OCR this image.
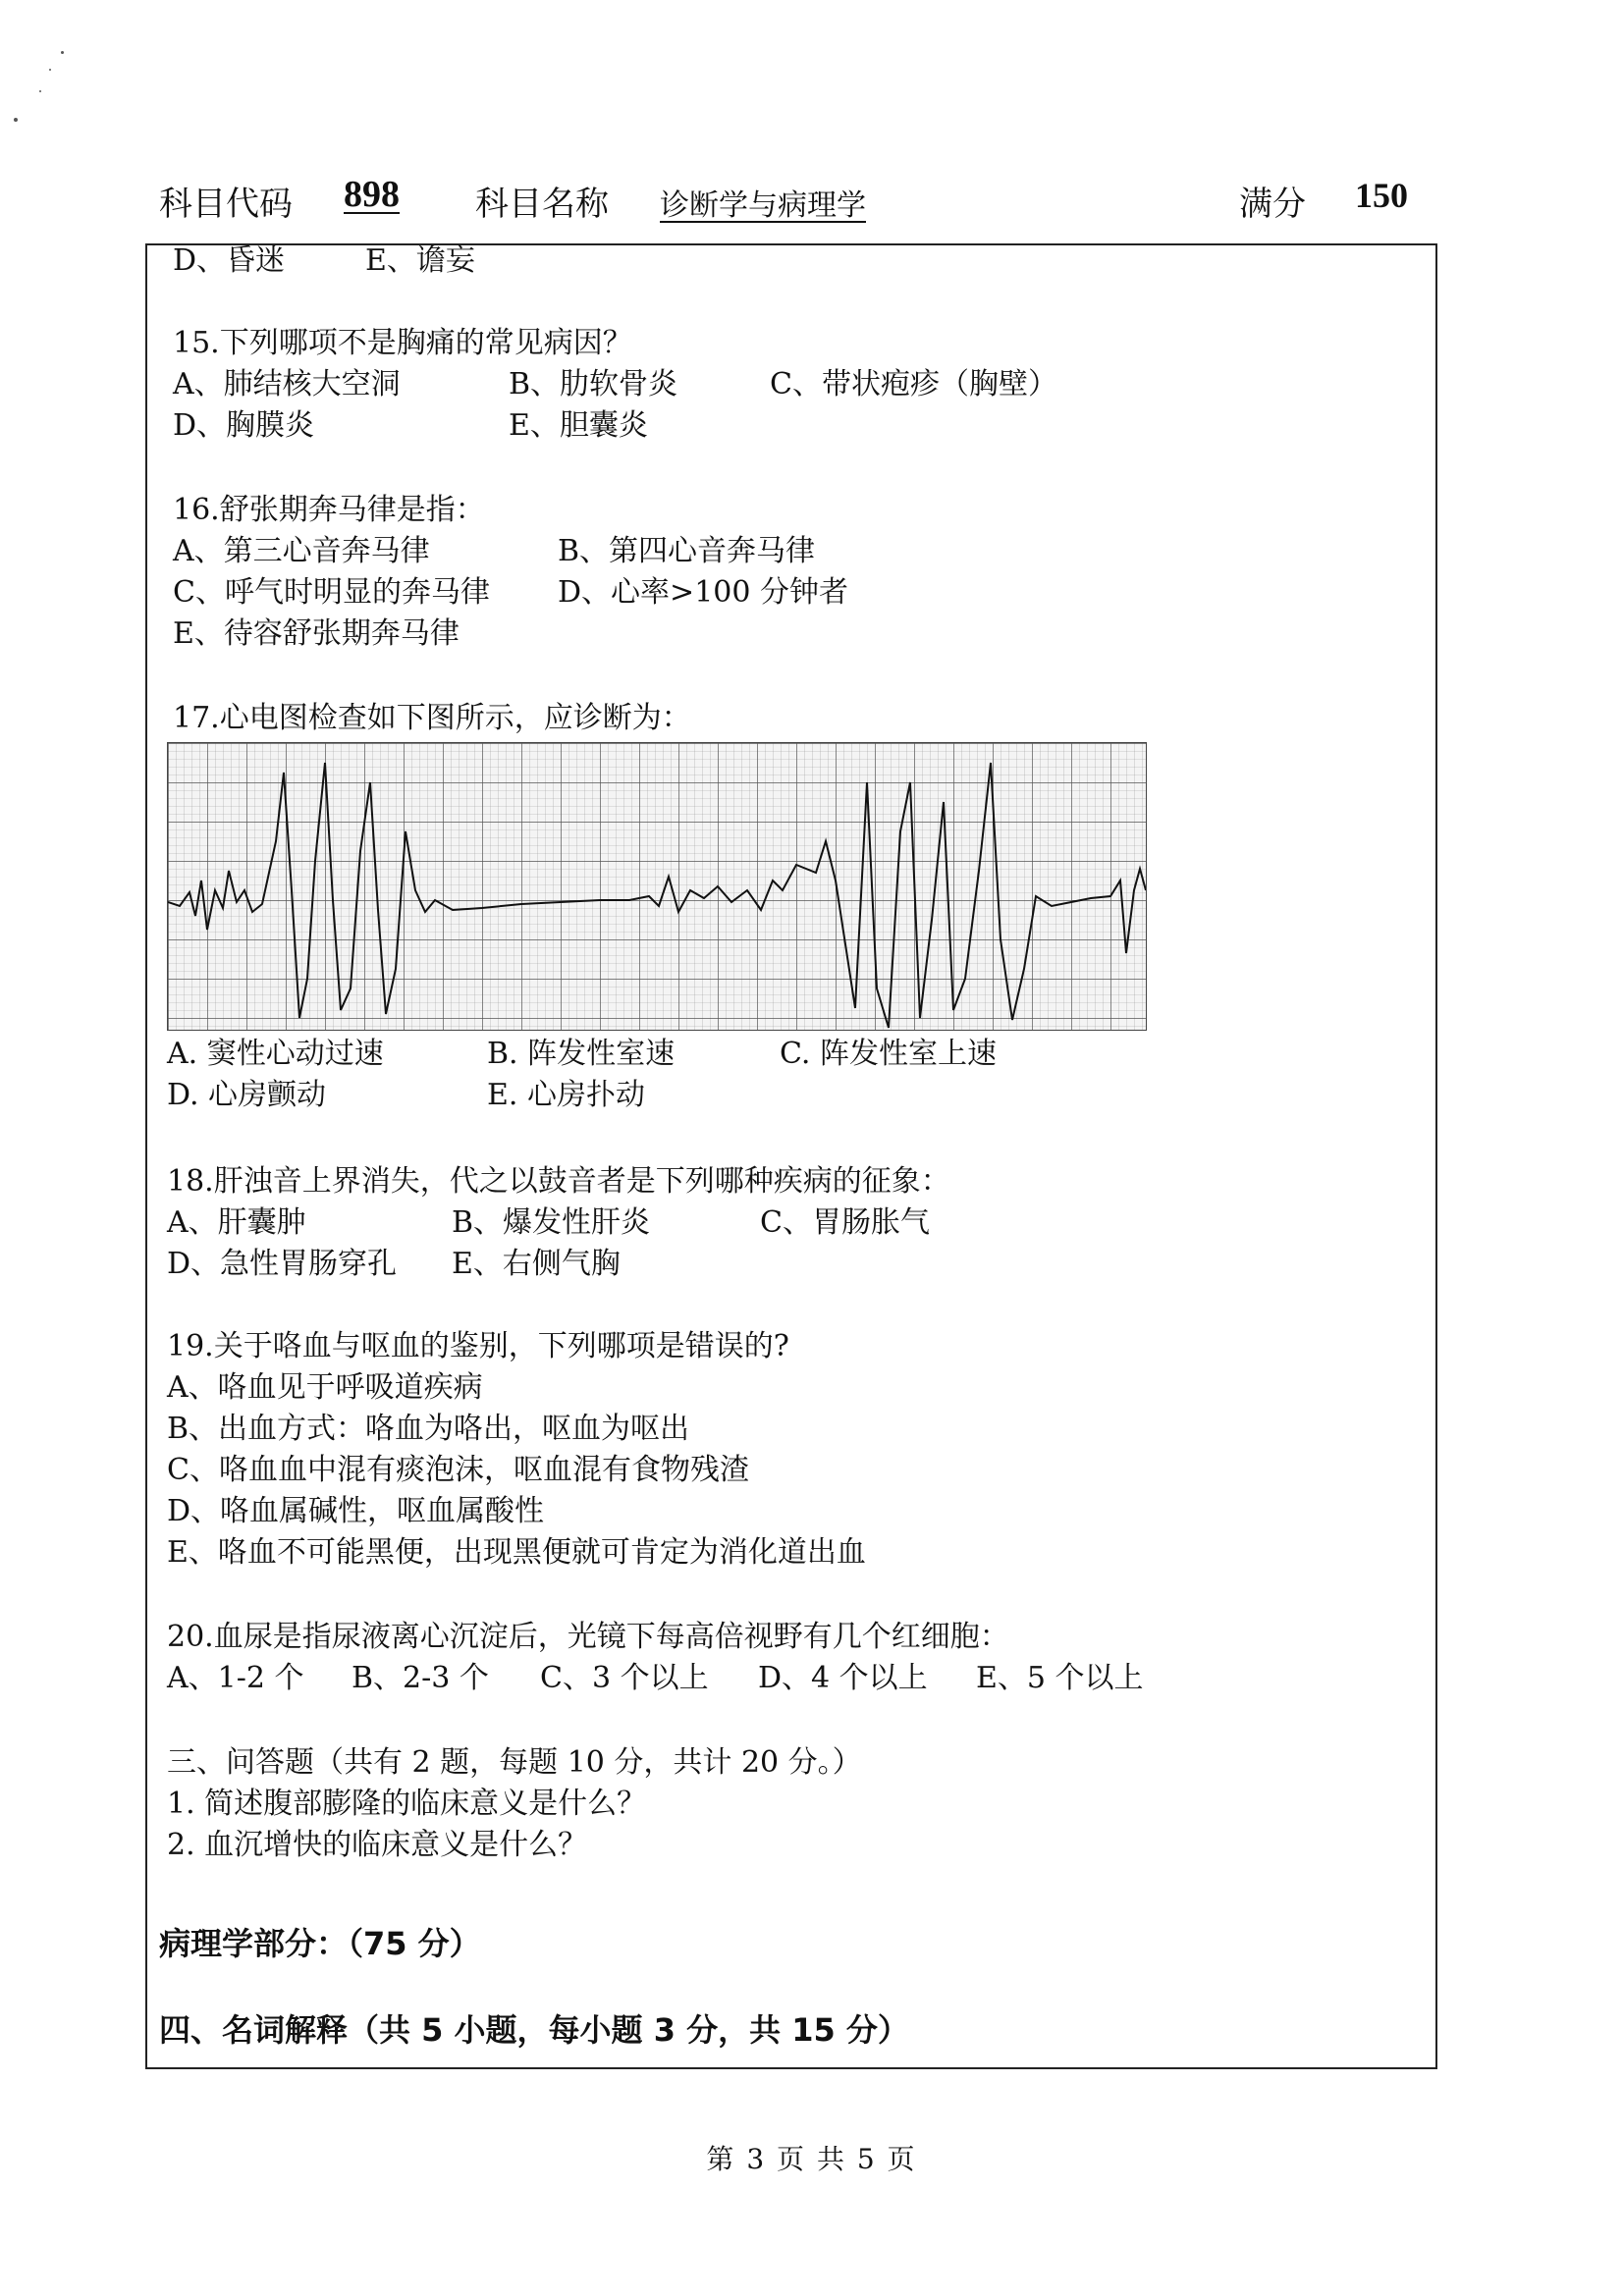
科目代码 898 科目名称 诊断学与病理学	满分 150
D、昏迷	E、谵妄
15.下列哪项不是胸痛的常见病因？
A、肺结核大空洞	B、肋软骨炎	C、带状疱疹（胸壁）
D、胸膜炎	E、胆囊炎
16.舒张期奔马律是指：
A、第三心音奔马律	B、第四心音奔马律
C、呼气时明显的奔马律 D、心率>100 分钟者
E、待容舒张期奔马律
17.心电图检查如下图所示，应诊断为：
A. 窦性心动过速	B. 阵发性室速	C. 阵发性室上速
D. 心房颤动	E. 心房扑动
18.肝浊音上界消失，代之以鼓音者是下列哪种疾病的征象：
A、肝囊肿	B、爆发性肝炎	C、胃肠胀气
D、急性胃肠穿孔 E、右侧气胸
19.关于咯血与呕血的鉴别，下列哪项是错误的?
A、咯血见于呼吸道疾病
B、出血方式：咯血为咯出，呕血为呕出
C、咯血血中混有痰泡沫，呕血混有食物残渣
D、咯血属碱性，呕血属酸性
E、咯血不可能黑便，出现黑便就可肯定为消化道出血
20.血尿是指尿液离心沉淀后，光镜下每高倍视野有几个红细胞：
A、1-2 个 B、2-3 个 C、3 个以上 D、4 个以上 E、5 个以上
三、问答题（共有 2 题，每题 10 分，共计 20 分。）
1. 简述腹部膨隆的临床意义是什么？
2. 血沉增快的临床意义是什么？
病理学部分：（75 分）
四、名词解释（共 5 小题，每小题 3 分，共 15 分）
第 3 页 共 5 页
